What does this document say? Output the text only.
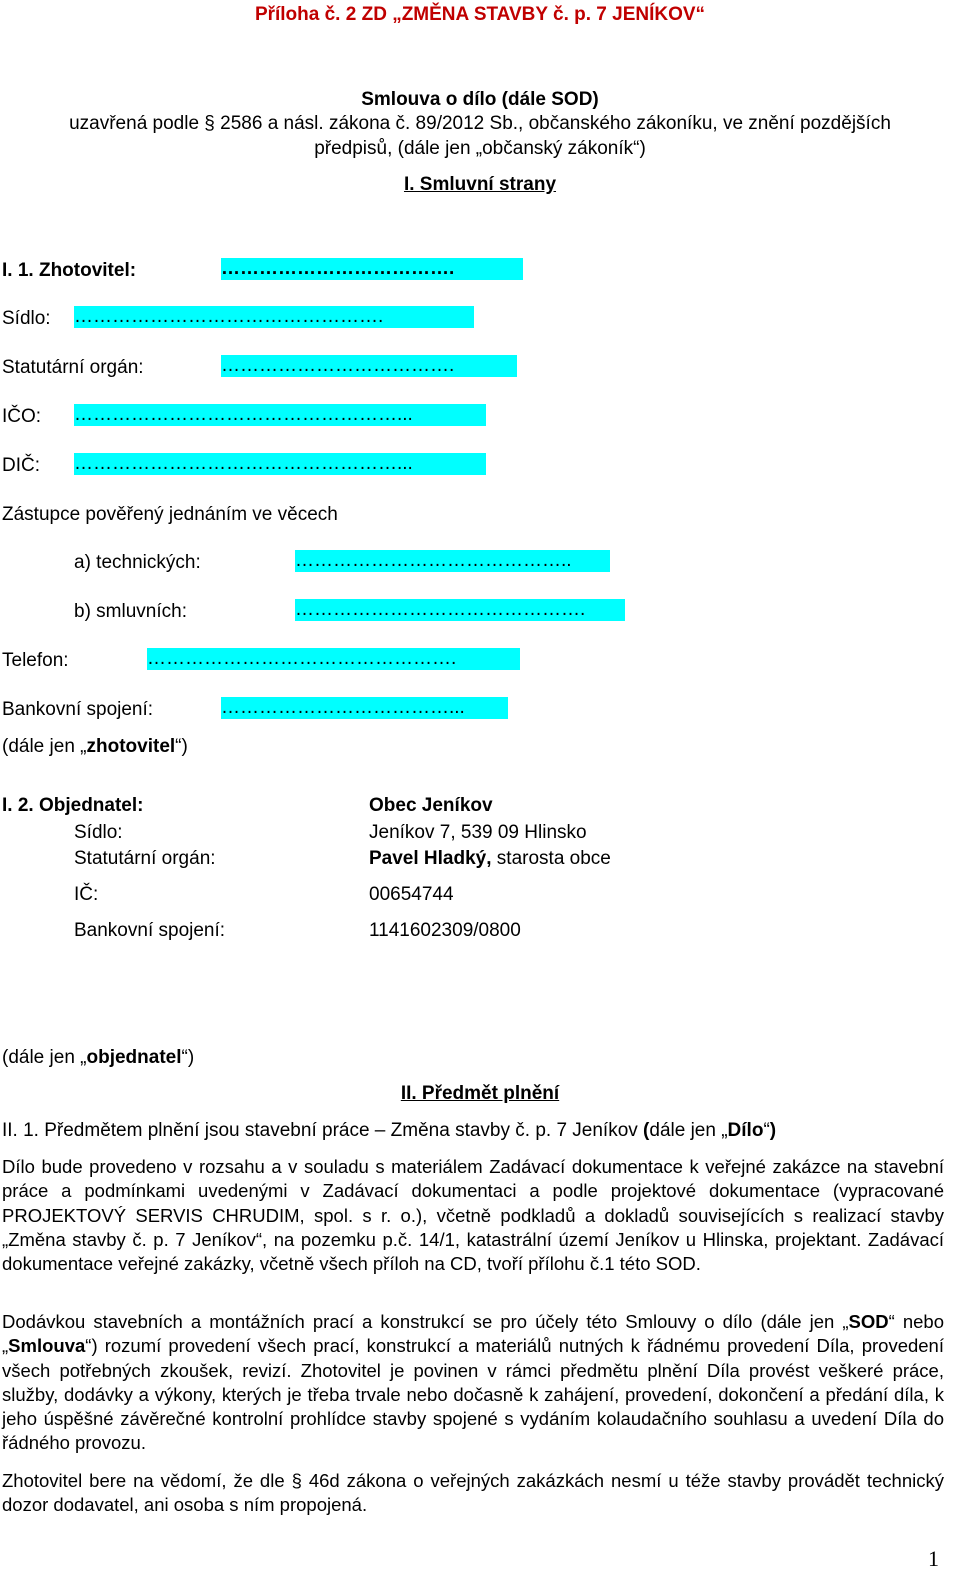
Příloha č. 2 ZD „ZMĚNA STAVBY č. p. 7 JENÍKOV“
Smlouva o dílo (dále SOD)
uzavřená podle § 2586 a násl. zákona č. 89/2012 Sb., občanského zákoníku, ve znění pozdějších
předpisů, (dále jen „občanský zákoník“)
I. Smluvní strany
I. 1. Zhotovitel:	……………………………….
Sídlo: ………………………………………….
Statutární orgán:	……………………………….
IČO: ……………………………………………...
DIČ: ……………………………………………...
Zástupce pověřený jednáním ve věcech
a) technických:	……………………………………..
b) smluvních:	……………………………………….
Telefon:	………………………………………….
Bankovní spojení:	………………………………...
(dále jen „zhotovitel“)
I. 2. Objednatel:	Obec Jeníkov
Sídlo:	Jeníkov 7, 539 09 Hlinsko
Statutární orgán:	Pavel Hladký, starosta obce
IČ:	00654744
Bankovní spojení:	1141602309/0800
(dále jen „objednatel“)
II. Předmět plnění
II. 1. Předmětem plnění jsou stavební práce – Změna stavby č. p. 7 Jeníkov (dále jen „Dílo“)
Dílo bude provedeno v rozsahu a v souladu s materiálem Zadávací dokumentace k veřejné zakázce na stavební práce a podmínkami uvedenými v Zadávací dokumentaci a podle projektové dokumentace (vypracované PROJEKTOVÝ SERVIS CHRUDIM, spol. s r. o.), včetně podkladů a dokladů souvisejících s realizací stavby „Změna stavby č. p. 7 Jeníkov“, na pozemku p.č. 14/1, katastrální území Jeníkov u Hlinska, projektant. Zadávací dokumentace veřejné zakázky, včetně všech příloh na CD, tvoří přílohu č.1 této SOD.
Dodávkou stavebních a montážních prací a konstrukcí se pro účely této Smlouvy o dílo (dále jen „SOD“ nebo „Smlouva“) rozumí provedení všech prací, konstrukcí a materiálů nutných k řádnému provedení Díla, provedení všech potřebných zkoušek, revizí. Zhotovitel je povinen v rámci předmětu plnění Díla provést veškeré práce, služby, dodávky a výkony, kterých je třeba trvale nebo dočasně k zahájení, provedení, dokončení a předání díla, k jeho úspěšné závěrečné kontrolní prohlídce stavby spojené s vydáním kolaudačního souhlasu a uvedení Díla do řádného provozu.
Zhotovitel bere na vědomí, že dle § 46d zákona o veřejných zakázkách nesmí u téže stavby provádět technický dozor dodavatel, ani osoba s ním propojená.
1
